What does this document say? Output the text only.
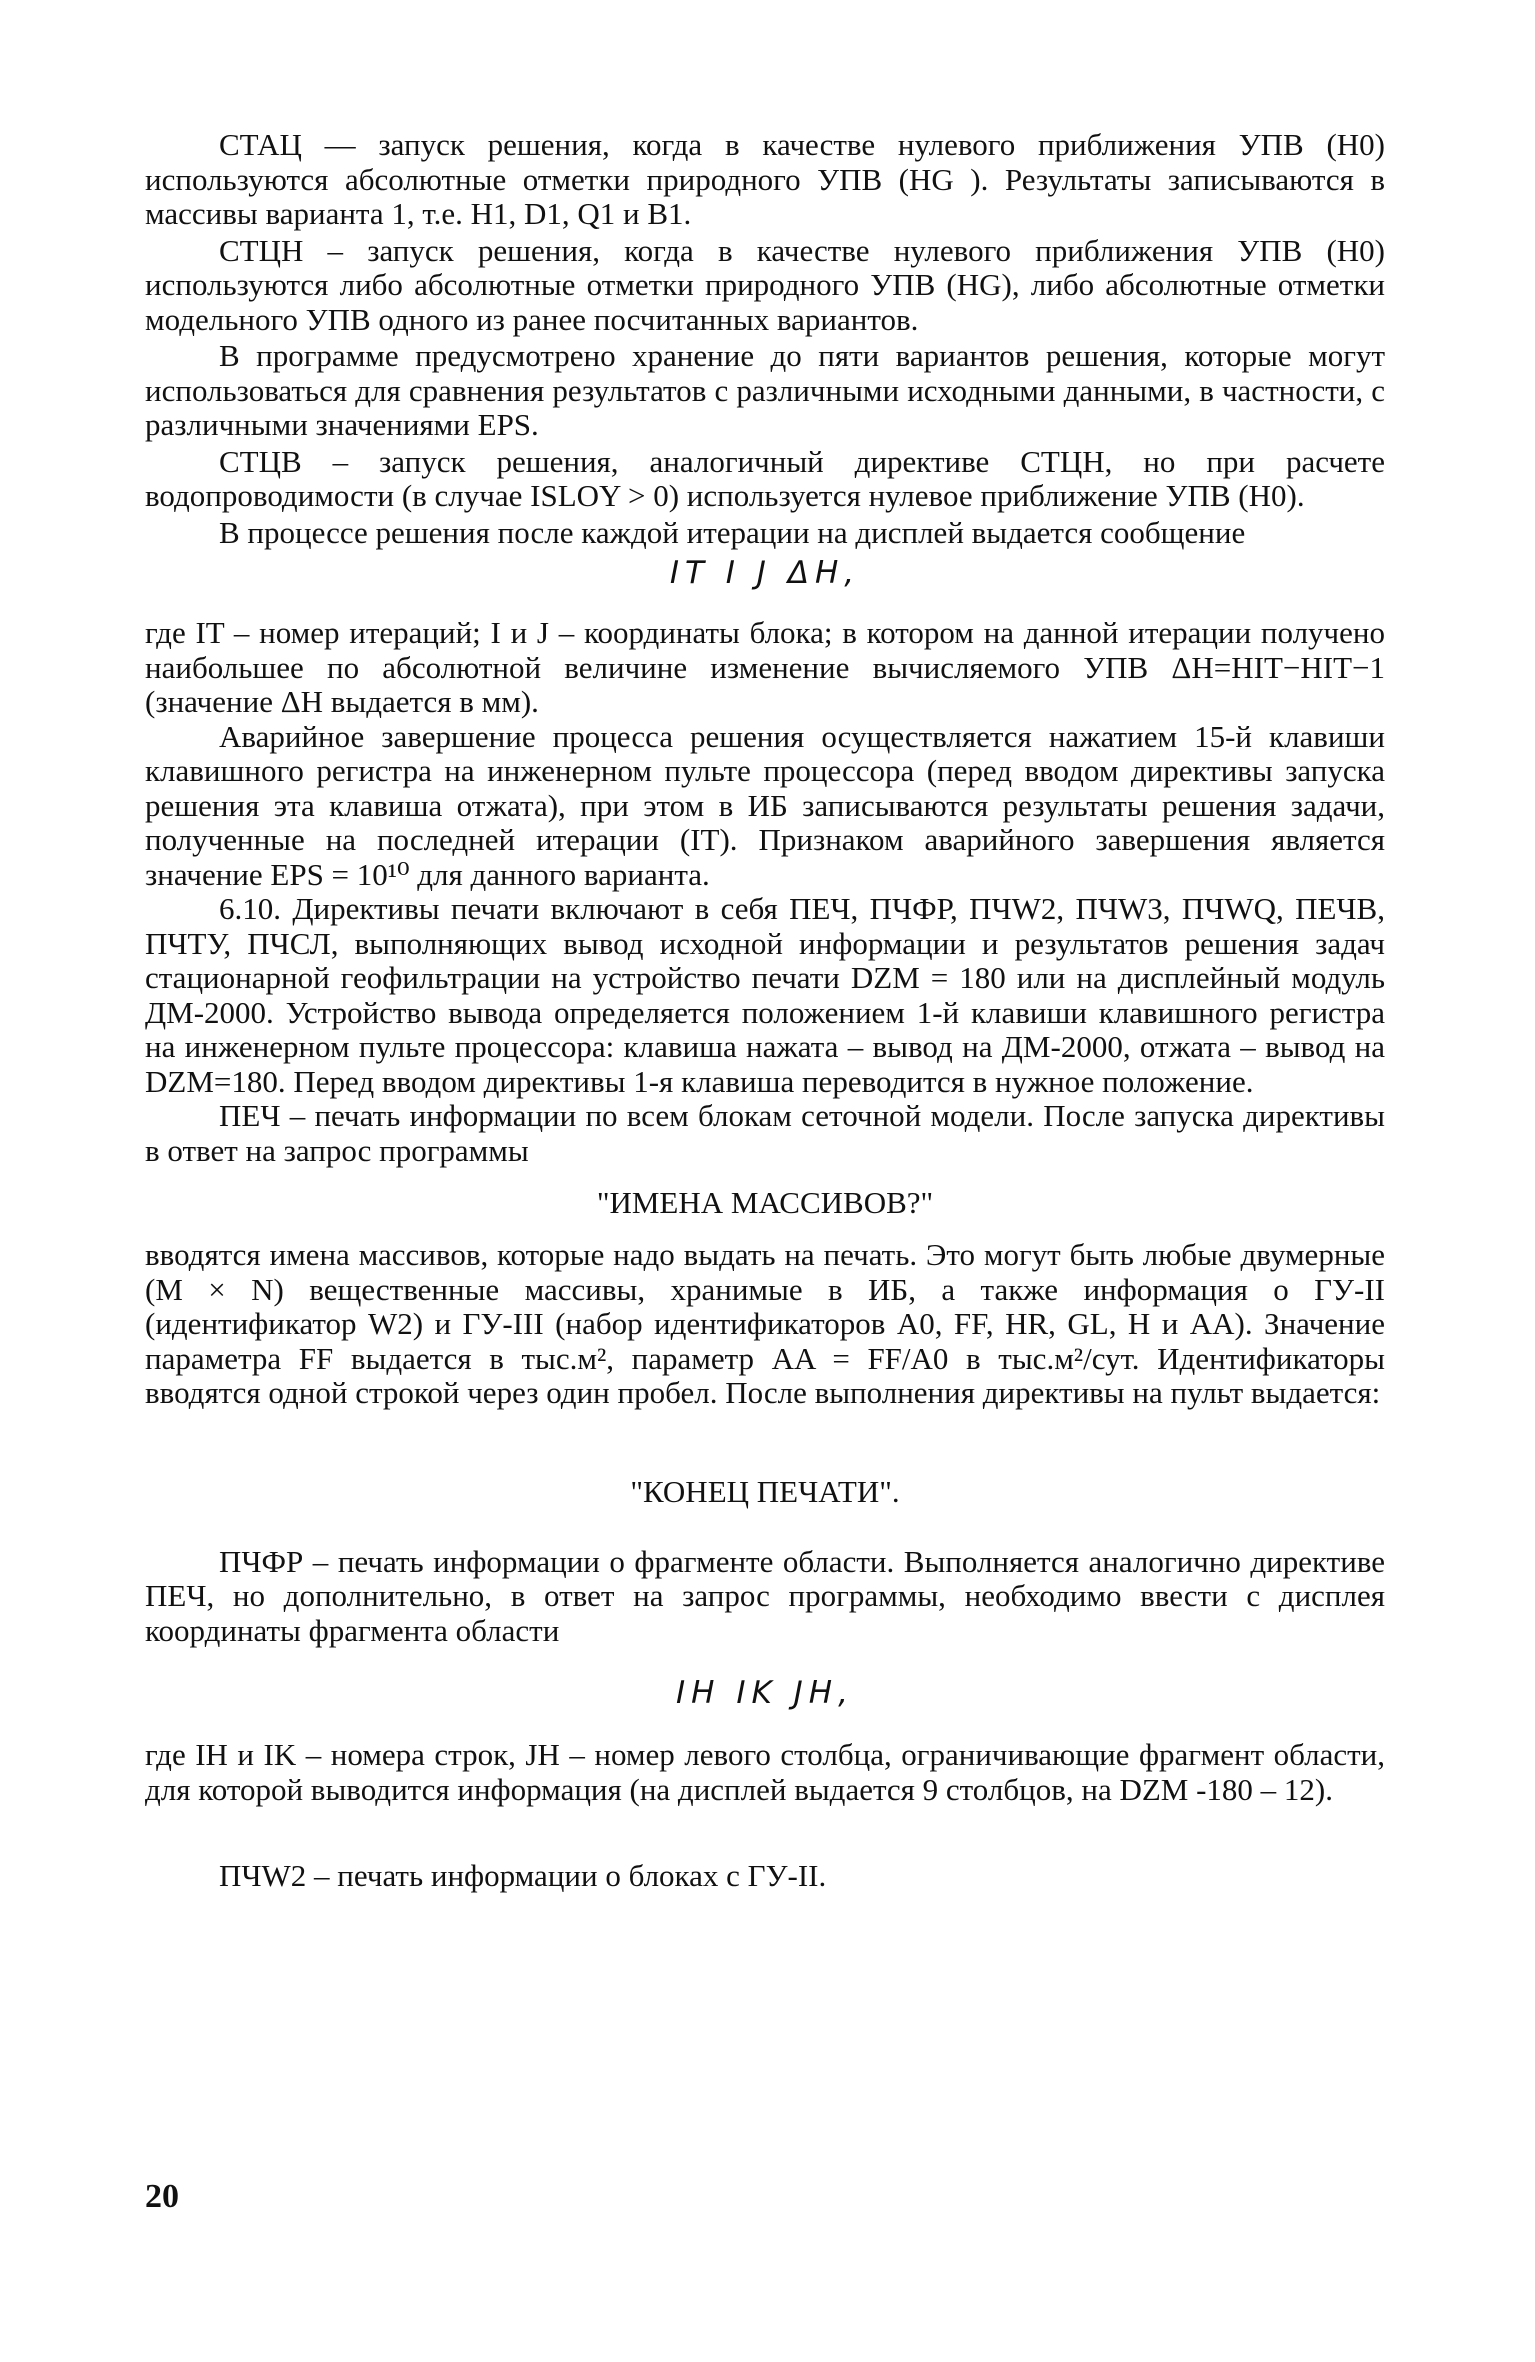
СТАЦ — запуск решения, когда в качестве нулевого приближения УПВ (H0) используются абсолютные отметки природного УПВ (HG ). Результаты записываются в массивы варианта 1, т.е. H1, D1, Q1 и B1.

СТЦН – запуск решения, когда в качестве нулевого приближения УПВ (H0) используются либо абсолютные отметки природного УПВ (HG), либо абсолютные отметки модельного УПВ одного из ранее посчитанных вариантов.

В программе предусмотрено хранение до пяти вариантов решения, которые могут использоваться для сравнения результатов с различными исходными данными, в частности, с различными значениями EPS.

СТЦВ – запуск решения, аналогичный директиве СТЦН, но при расчете водопроводимости (в случае ISLOY > 0) используется нулевое приближение УПВ (H0).

В процессе решения после каждой итерации на дисплей выдается сообщение

IT I J ΔH,

где IT – номер итераций; I и J – координаты блока; в котором на данной итерации получено наибольшее по абсолютной величине изменение вычисляемого УПВ ΔH=HIT−HIT−1 (значение ΔH выдается в мм).

Аварийное завершение процесса решения осуществляется нажатием 15-й клавиши клавишного регистра на инженерном пульте процессора (перед вводом директивы запуска решения эта клавиша отжата), при этом в ИБ записываются результаты решения задачи, полученные на последней итерации (IT). Признаком аварийного завершения является значение EPS = 10¹⁰ для данного варианта.

6.10. Директивы печати включают в себя ПЕЧ, ПЧФР, ПЧW2, ПЧW3, ПЧWQ, ПЕЧВ, ПЧТУ, ПЧСЛ, выполняющих вывод исходной информации и результатов решения задач стационарной геофильтрации на устройство печати DZM = 180 или на дисплейный модуль ДМ-2000. Устройство вывода определяется положением 1-й клавиши клавишного регистра на инженерном пульте процессора: клавиша нажата – вывод на ДМ-2000, отжата – вывод на DZM=180. Перед вводом директивы 1-я клавиша переводится в нужное положение.

ПЕЧ – печать информации по всем блокам сеточной модели. После запуска директивы в ответ на запрос программы

"ИМЕНА МАССИВОВ?"

вводятся имена массивов, которые надо выдать на печать. Это могут быть любые двумерные (M × N) вещественные массивы, хранимые в ИБ, а также информация о ГУ-II (идентификатор W2) и ГУ-III (набор идентификаторов A0, FF, HR, GL, H и AA). Значение параметра FF выдается в тыс.м², параметр AA = FF/A0 в тыс.м²/сут. Идентификаторы вводятся одной строкой через один пробел. После выполнения директивы на пульт выдается:

"КОНЕЦ ПЕЧАТИ".

ПЧФР – печать информации о фрагменте области. Выполняется аналогично директиве ПЕЧ, но дополнительно, в ответ на запрос программы, необходимо ввести с дисплея координаты фрагмента области

IH IK JH,

где IH и IK – номера строк, JH – номер левого столбца, ограничивающие фрагмент области, для которой выводится информация (на дисплей выдается 9 столбцов, на DZM -180 – 12).

ПЧW2 – печать информации о блоках с ГУ-II.

20
